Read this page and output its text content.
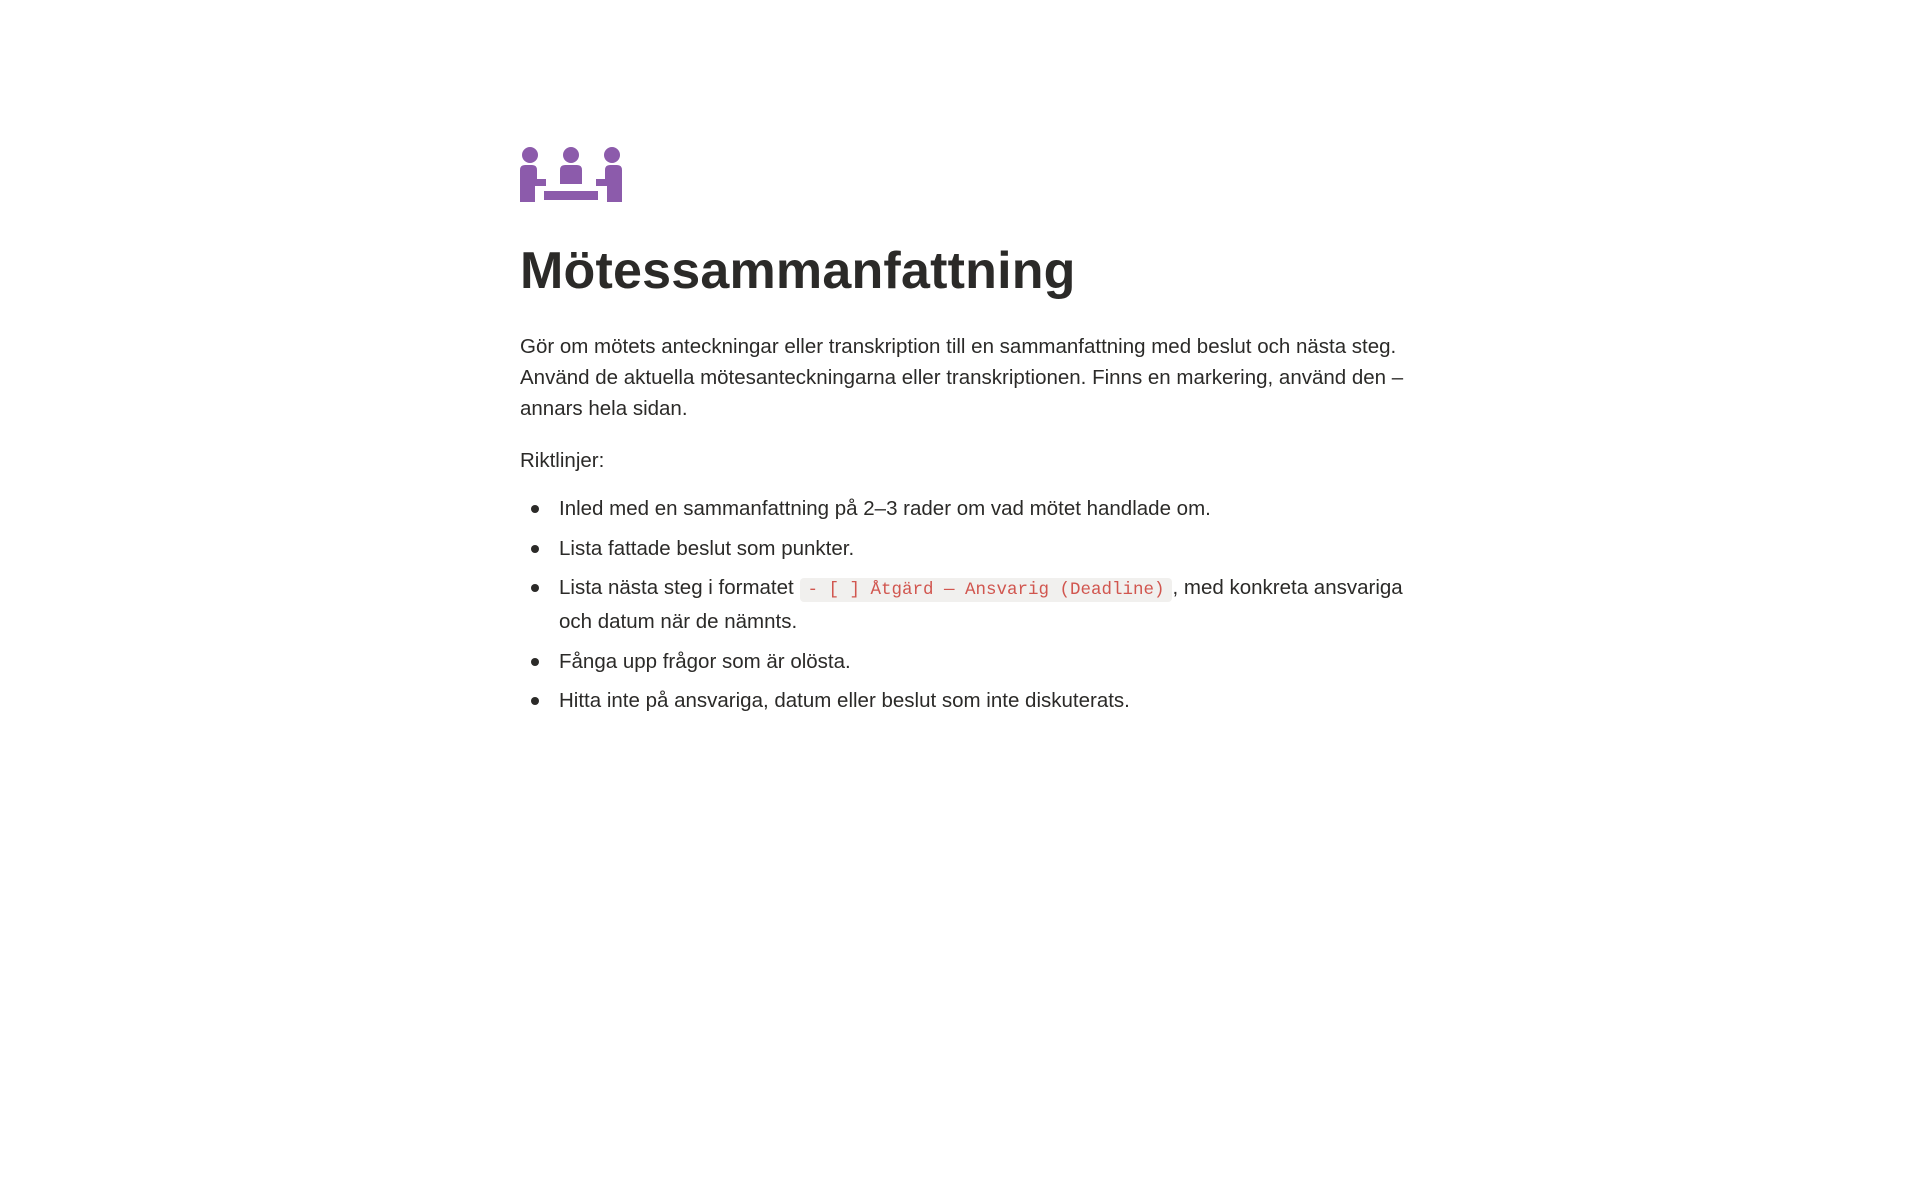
Mötessammanfattning

Gör om mötets anteckningar eller transkription till en sammanfattning med beslut och nästa steg. Använd de aktuella mötesanteckningarna eller transkriptionen. Finns en markering, använd den – annars hela sidan.

Riktlinjer:

Inled med en sammanfattning på 2–3 rader om vad mötet handlade om.
Lista fattade beslut som punkter.
Lista nästa steg i formatet - [ ] Åtgärd — Ansvarig (Deadline) , med konkreta ansvariga och datum när de nämnts.
Fånga upp frågor som är olösta.
Hitta inte på ansvariga, datum eller beslut som inte diskuterats.
